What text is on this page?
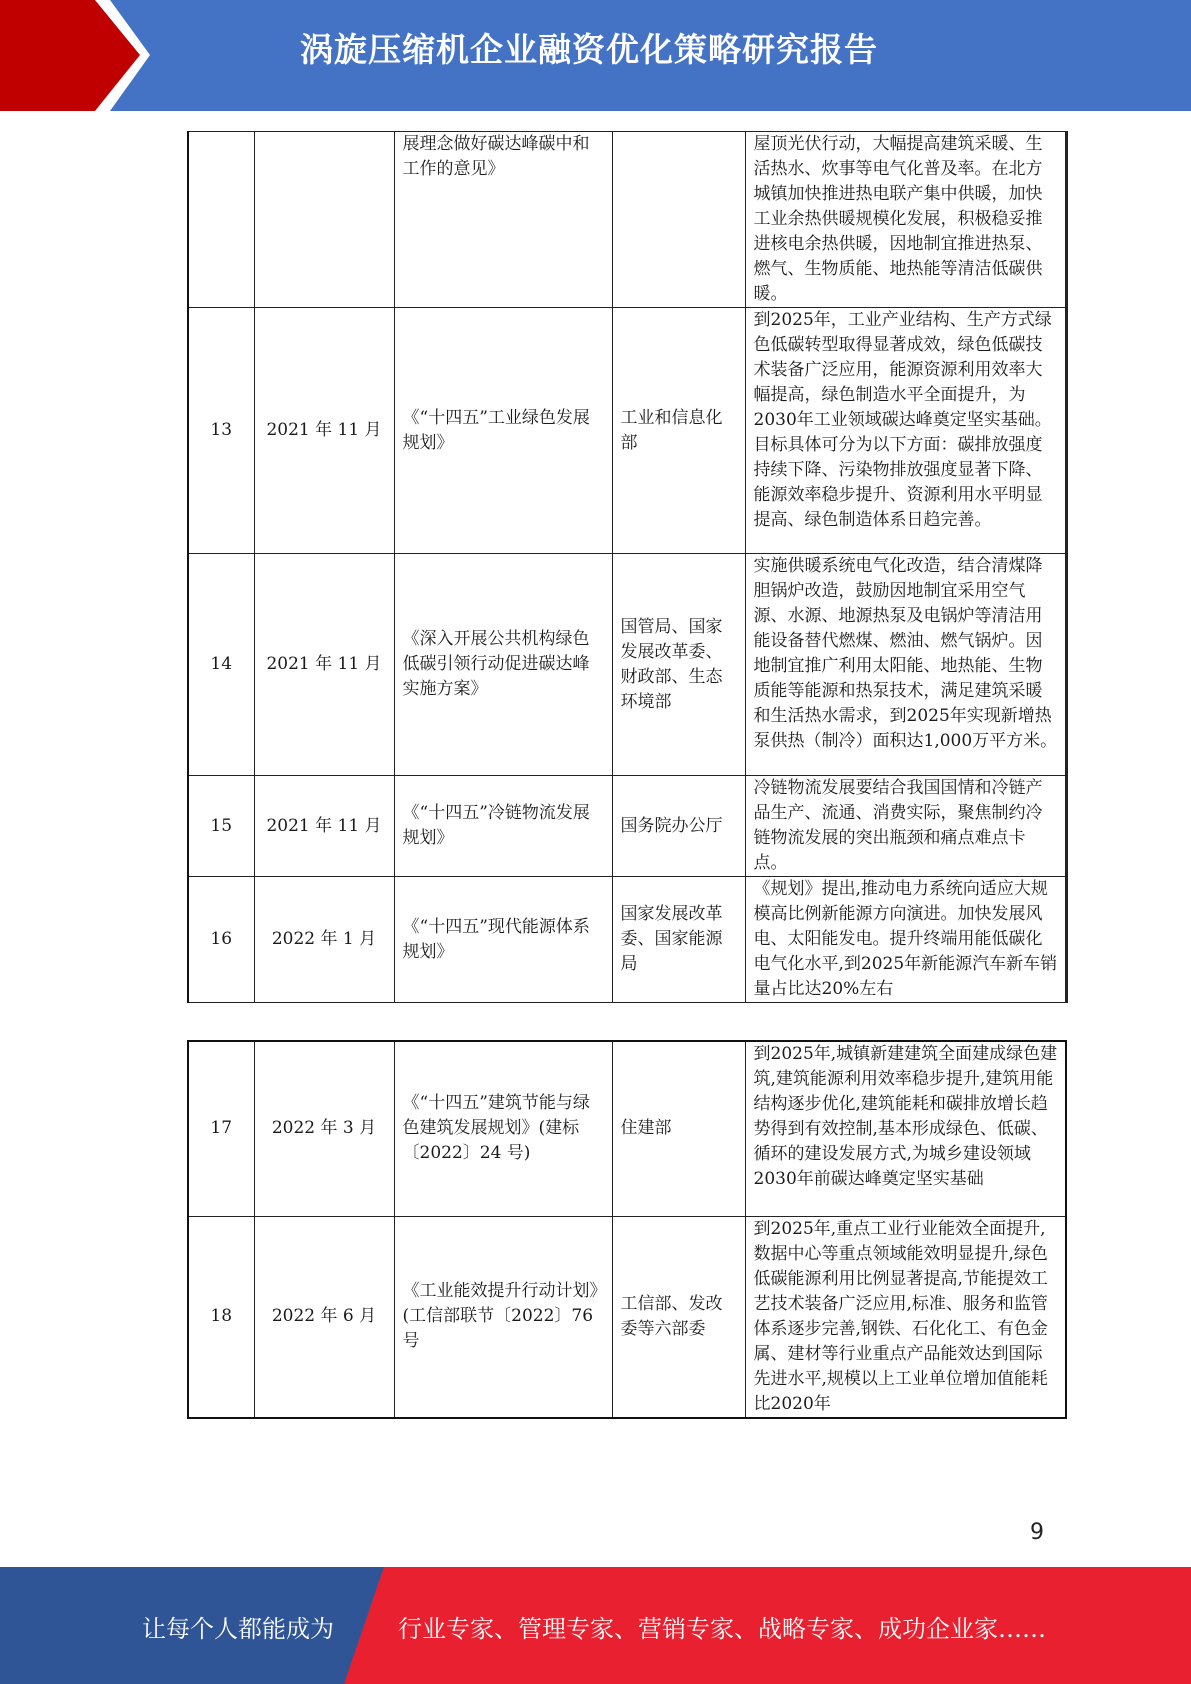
涡旋压缩机企业融资优化策略研究报告
		展理念做好碳达峰碳中和工作的意见》		屋顶光伏行动，大幅提高建筑采暖、生活热水、炊事等电气化普及率。在北方城镇加快推进热电联产集中供暖，加快工业余热供暖规模化发展，积极稳妥推进核电余热供暖，因地制宜推进热泵、燃气、生物质能、地热能等清洁低碳供暖。
13	2021 年 11 月	《“十四五”工业绿色发展规划》	工业和信息化部	到2025年，工业产业结构、生产方式绿色低碳转型取得显著成效，绿色低碳技术装备广泛应用，能源资源利用效率大幅提高，绿色制造水平全面提升，为2030年工业领域碳达峰奠定坚实基础。目标具体可分为以下方面：碳排放强度持续下降、污染物排放强度显著下降、能源效率稳步提升、资源利用水平明显提高、绿色制造体系日趋完善。
14	2021 年 11 月	《深入开展公共机构绿色低碳引领行动促进碳达峰实施方案》	国管局、国家发展改革委、财政部、生态环境部	实施供暖系统电气化改造，结合清煤降胆锅炉改造，鼓励因地制宜采用空气源、水源、地源热泵及电锅炉等清洁用能设备替代燃煤、燃油、燃气锅炉。因地制宜推广利用太阳能、地热能、生物质能等能源和热泵技术，满足建筑采暖和生活热水需求，到2025年实现新增热泵供热（制冷）面积达1,000万平方米。
15	2021 年 11 月	《“十四五”冷链物流发展规划》	国务院办公厅	冷链物流发展要结合我国国情和冷链产品生产、流通、消费实际，聚焦制约冷链物流发展的突出瓶颈和痛点难点卡点。
16	2022 年 1 月	《“十四五”现代能源体系规划》	国家发展改革委、国家能源局	《规划》提出,推动电力系统向适应大规模高比例新能源方向演进。加快发展风电、太阳能发电。提升终端用能低碳化电气化水平,到2025年新能源汽车新车销量占比达20%左右
17	2022 年 3 月	《“十四五”建筑节能与绿色建筑发展规划》(建标〔2022〕24 号)	住建部	到2025年,城镇新建建筑全面建成绿色建筑,建筑能源利用效率稳步提升,建筑用能结构逐步优化,建筑能耗和碳排放增长趋势得到有效控制,基本形成绿色、低碳、循环的建设发展方式,为城乡建设领域2030年前碳达峰奠定坚实基础
18	2022 年 6 月	《工业能效提升行动计划》(工信部联节〔2022〕76号	工信部、发改委等六部委	到2025年,重点工业行业能效全面提升,数据中心等重点领域能效明显提升,绿色低碳能源利用比例显著提高,节能提效工艺技术装备广泛应用,标准、服务和监管体系逐步完善,钢铁、石化化工、有色金属、建材等行业重点产品能效达到国际先进水平,规模以上工业单位增加值能耗比2020年
9
让每个人都能成为	行业专家、管理专家、营销专家、战略专家、成功企业家……
